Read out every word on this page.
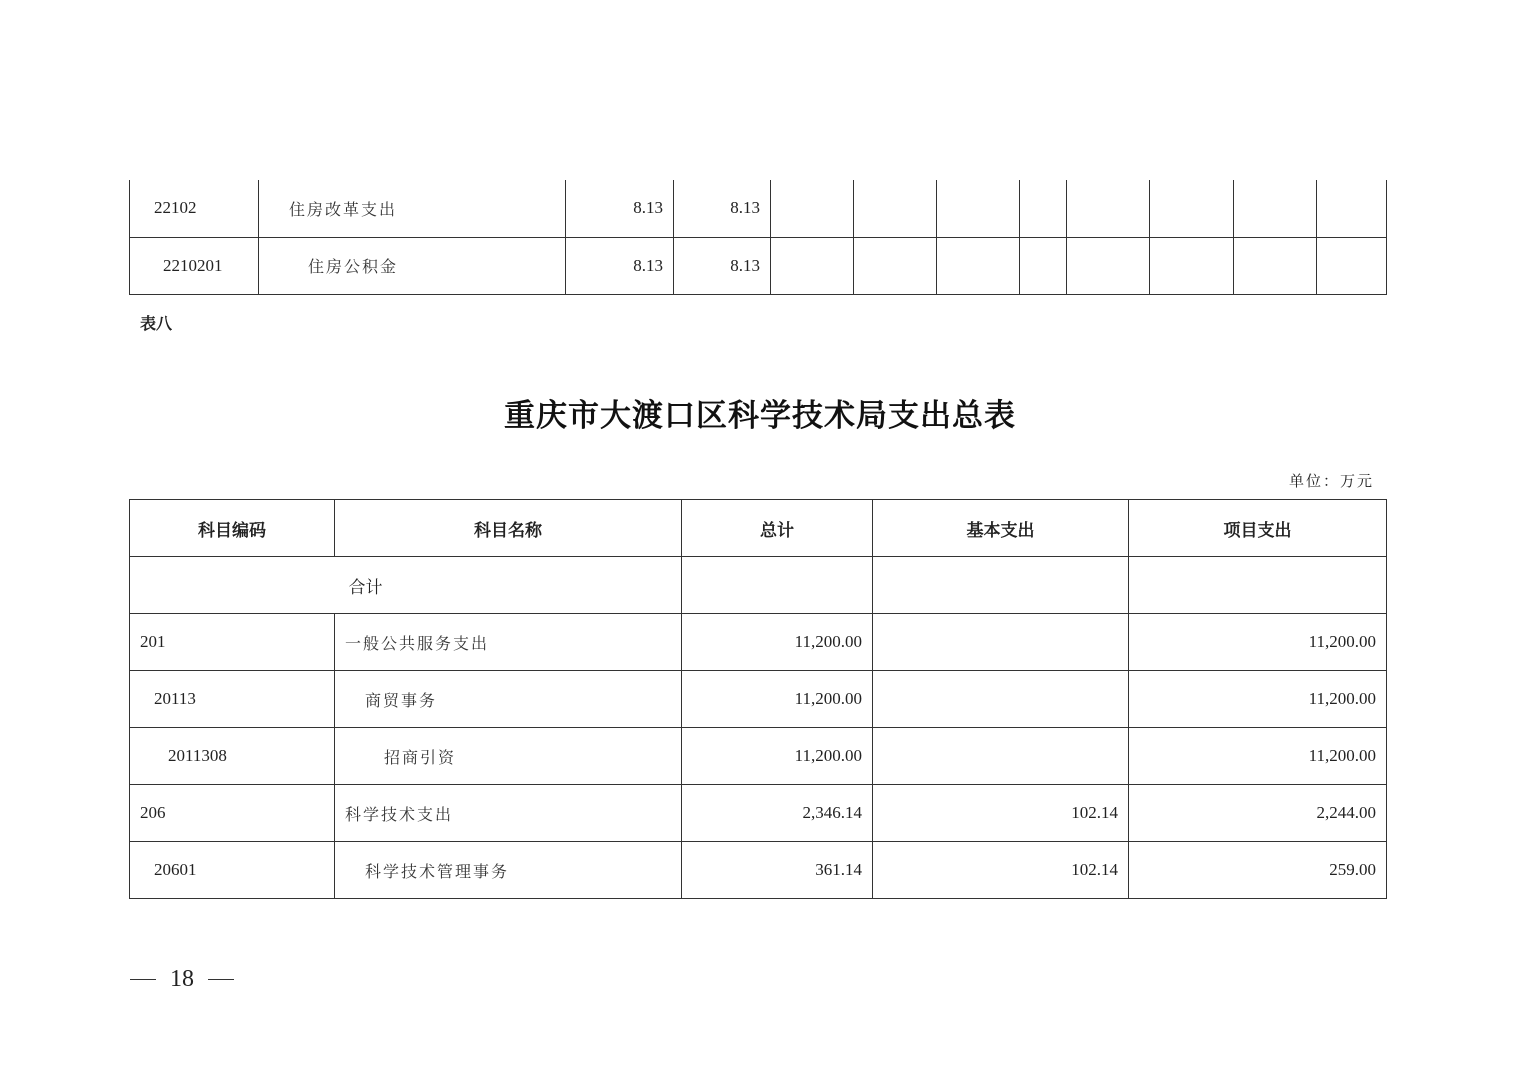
22102	住房改革支出	8.13	8.13								
2210201	住房公积金	8.13	8.13								
表八
重庆市大渡口区科学技术局支出总表
单位：万元
科目编码	科目名称	总计	基本支出	项目支出
合计				
201	一般公共服务支出	11,200.00		11,200.00
20113	商贸事务	11,200.00		11,200.00
2011308	招商引资	11,200.00		11,200.00
206	科学技术支出	2,346.14	102.14	2,244.00
20601	科学技术管理事务	361.14	102.14	259.00
18
